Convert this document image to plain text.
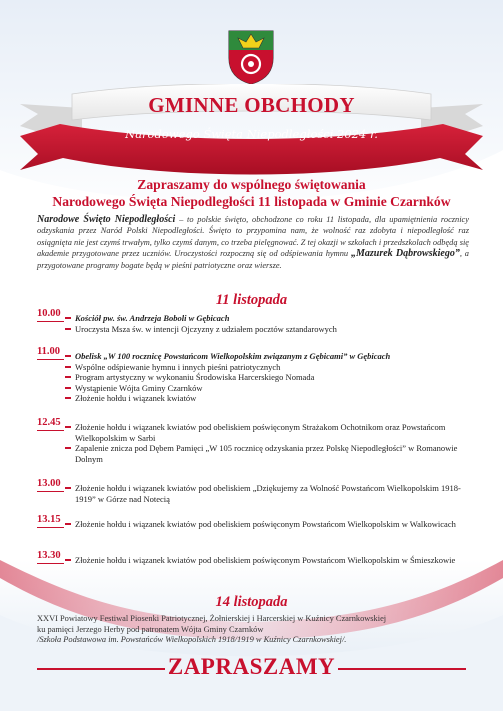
GMINNE OBCHODY
Narodowego Święta Niepodległości 2024 r.
Zapraszamy do wspólnego świętowania
Narodowego Święta Niepodległości 11 listopada w Gminie Czarnków
Narodowe Święto Niepodległości – to polskie święto, obchodzone co roku 11 listopada, dla upamiętnienia rocznicy odzyskania przez Naród Polski Niepodległości. Święto to przypomina nam, że wolność raz zdobyta i niepodległość raz osiągnięta nie jest czymś trwałym, tylko czymś danym, co trzeba pielęgnować. Z tej okazji w szkołach i przedszkolach odbędą się akademie przygotowane przez uczniów. Uroczystości rozpoczną się od odśpiewania hymnu „Mazurek Dąbrowskiego”, a przygotowane programy bogate będą w pieśni patriotyczne oraz wiersze.
11 listopada
10.00	Kościół pw. św. Andrzeja Boboli w Gębicach
Uroczysta Msza św. w intencji Ojczyzny z udziałem pocztów sztandarowych
11.00	Obelisk „W 100 rocznicę Powstańcom Wielkopolskim związanym z Gębicami” w Gębicach
Wspólne odśpiewanie hymnu i innych pieśni patriotycznych
Program artystyczny w wykonaniu Środowiska Harcerskiego Nomada
Wystąpienie Wójta Gminy Czarnków
Złożenie hołdu i wiązanek kwiatów
12.45	Złożenie hołdu i wiązanek kwiatów pod obeliskiem poświęconym Strażakom Ochotnikom oraz Powstańcom Wielkopolskim w Sarbi
Zapalenie znicza pod Dębem Pamięci „W 105 rocznicę odzyskania przez Polskę Niepodległości” w Romanowie Dolnym
13.00	Złożenie hołdu i wiązanek kwiatów pod obeliskiem „Dziękujemy za Wolność Powstańcom Wielkopolskim 1918-1919” w Górze nad Notecią
13.15	Złożenie hołdu i wiązanek kwiatów pod obeliskiem poświęconym Powstańcom Wielkopolskim w Walkowicach
13.30	Złożenie hołdu i wiązanek kwiatów pod obeliskiem poświęconym Powstańcom Wielkopolskim w Śmieszkowie
14 listopada
XXVI Powiatowy Festiwal Piosenki Patriotycznej, Żołnierskiej i Harcerskiej w Kuźnicy Czarnkowskiej
ku pamięci Jerzego Herby pod patronatem Wójta Gminy Czarnków
/Szkoła Podstawowa im. Powstańców Wielkopolskich 1918/1919 w Kuźnicy Czarnkowskiej/.
ZAPRASZAMY
